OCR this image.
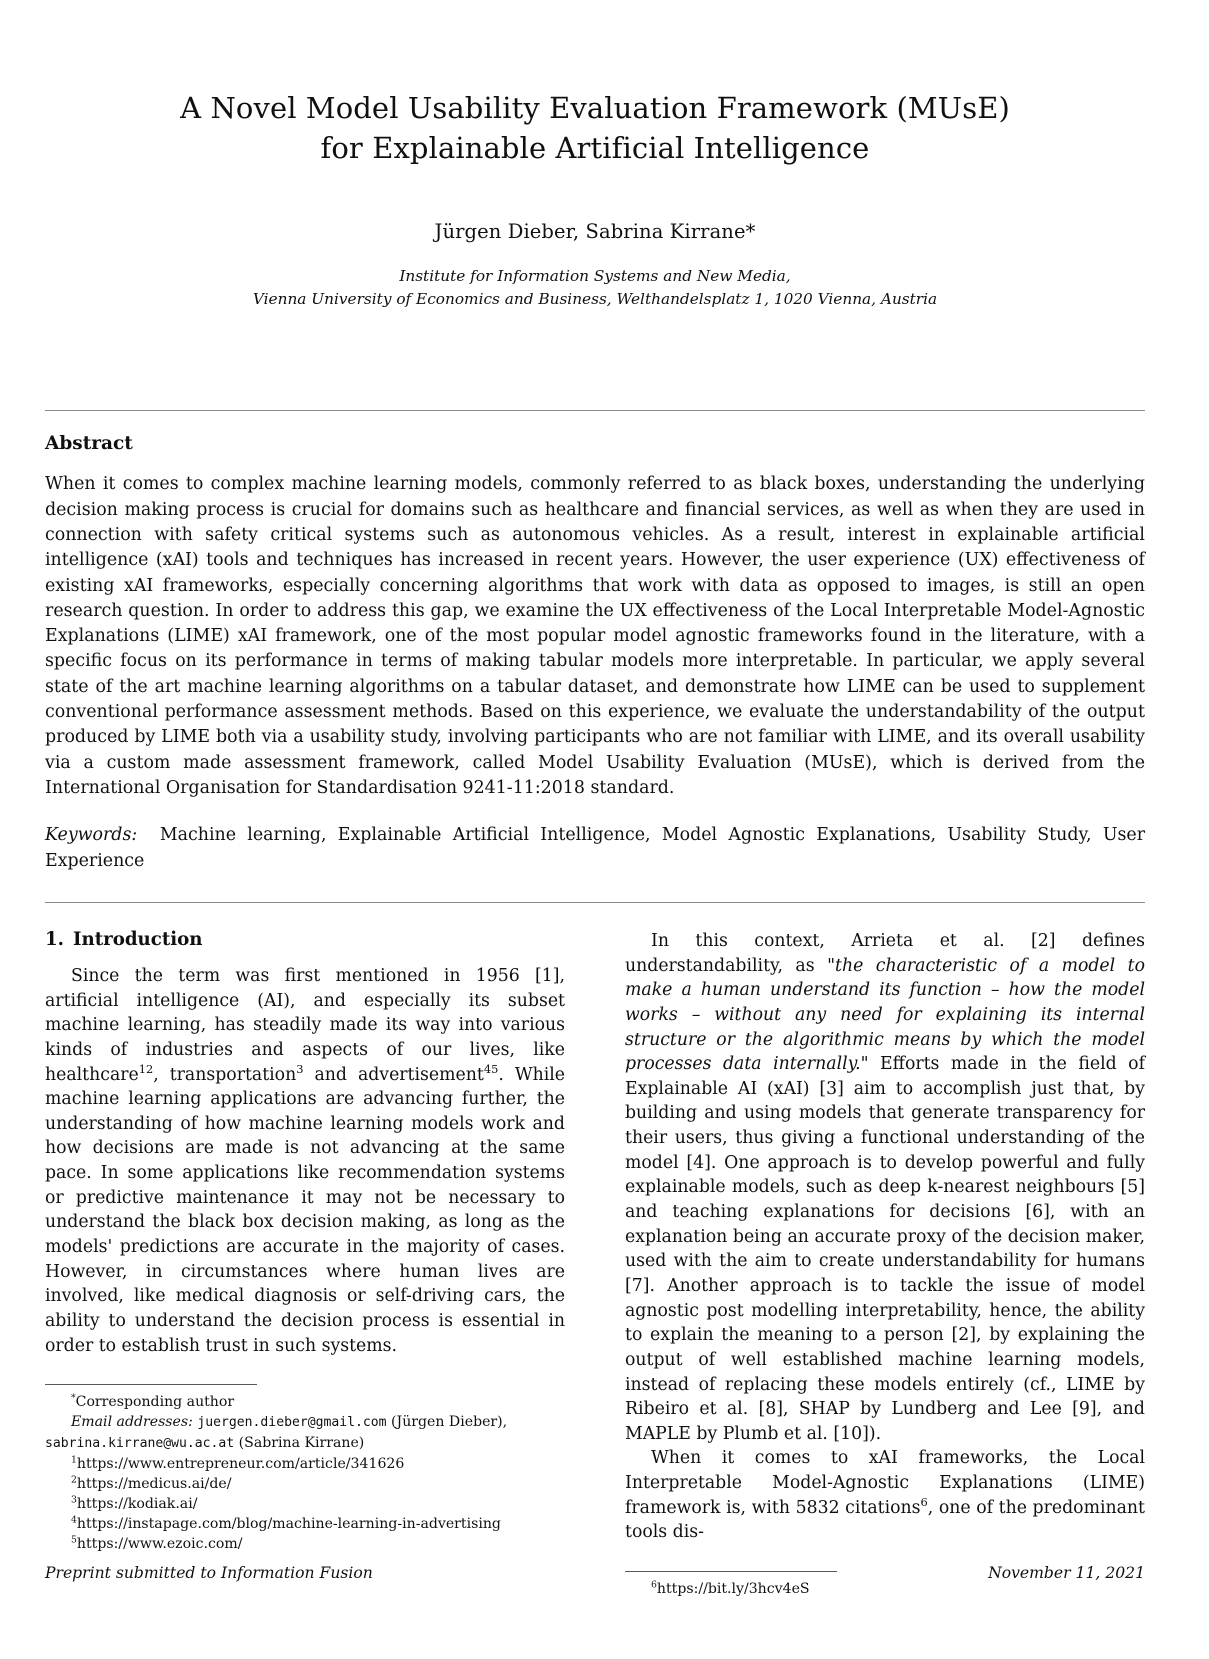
A Novel Model Usability Evaluation Framework (MUsE) for Explainable Artificial Intelligence
Jürgen Dieber, Sabrina Kirrane*
Institute for Information Systems and New Media,
Vienna University of Economics and Business, Welthandelsplatz 1, 1020 Vienna, Austria
Abstract

When it comes to complex machine learning models, commonly referred to as black boxes, understanding the underlying decision making process is crucial for domains such as healthcare and financial services, as well as when they are used in connection with safety critical systems such as autonomous vehicles. As a result, interest in explainable artificial intelligence (xAI) tools and techniques has increased in recent years. However, the user experience (UX) effectiveness of existing xAI frameworks, especially concerning algorithms that work with data as opposed to images, is still an open research question. In order to address this gap, we examine the UX effectiveness of the Local Interpretable Model-Agnostic Explanations (LIME) xAI framework, one of the most popular model agnostic frameworks found in the literature, with a specific focus on its performance in terms of making tabular models more interpretable. In particular, we apply several state of the art machine learning algorithms on a tabular dataset, and demonstrate how LIME can be used to supplement conventional performance assessment methods. Based on this experience, we evaluate the understandability of the output produced by LIME both via a usability study, involving participants who are not familiar with LIME, and its overall usability via a custom made assessment framework, called Model Usability Evaluation (MUsE), which is derived from the International Organisation for Standardisation 9241-11:2018 standard.

Keywords: Machine learning, Explainable Artificial Intelligence, Model Agnostic Explanations, Usability Study, User Experience

1. Introduction

Since the term was first mentioned in 1956 [1], artificial intelligence (AI), and especially its subset machine learning, has steadily made its way into various kinds of industries and aspects of our lives, like healthcare$^{12}$, transportation$^3$ and advertisement$^{45}$. While machine learning applications are advancing further, the understanding of how machine learning models work and how decisions are made is not advancing at the same pace. In some applications like recommendation systems or predictive maintenance it may not be necessary to understand the black box decision making, as long as the models' predictions are accurate in the majority of cases. However, in circumstances where human lives are involved, like medical diagnosis or self-driving cars, the ability to understand the decision process is essential in order to establish trust in such systems.

*Corresponding author

Email addresses: juergen.dieber@gmail.com (Jürgen Dieber), sabrina.kirrane@wu.ac.at (Sabrina Kirrane)

$^1$https://www.entrepreneur.com/article/341626

$^2$https://medicus.ai/de/

$^3$https://kodiak.ai/

$^4$https://instapage.com/blog/machine-learning-in-advertising

$^5$https://www.ezoic.com/

In this context, Arrieta et al. [2] defines understandability, as "the characteristic of a model to make a human understand its function – how the model works – without any need for explaining its internal structure or the algorithmic means by which the model processes data internally." Efforts made in the field of Explainable AI (xAI) [3] aim to accomplish just that, by building and using models that generate transparency for their users, thus giving a functional understanding of the model [4]. One approach is to develop powerful and fully explainable models, such as deep k-nearest neighbours [5] and teaching explanations for decisions [6], with an explanation being an accurate proxy of the decision maker, used with the aim to create understandability for humans [7]. Another approach is to tackle the issue of model agnostic post modelling interpretability, hence, the ability to explain the meaning to a person [2], by explaining the output of well established machine learning models, instead of replacing these models entirely (cf., LIME by Ribeiro et al. [8], SHAP by Lundberg and Lee [9], and MAPLE by Plumb et al. [10]).

When it comes to xAI frameworks, the Local Interpretable Model-Agnostic Explanations (LIME) framework is, with 5832 citations$^6$, one of the predominant tools dis-

$^6$https://bit.ly/3hcv4eS

Preprint submitted to Information Fusion	November 11, 2021
